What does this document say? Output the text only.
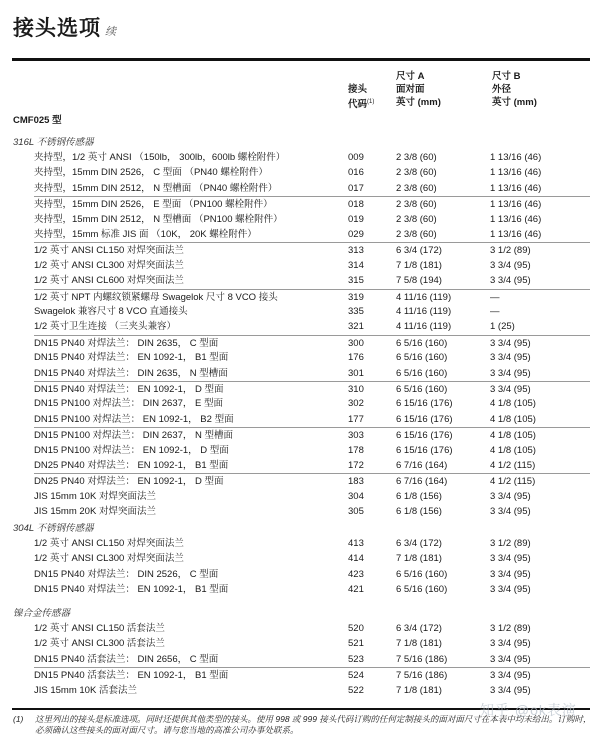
接头选项 续
接头
代码$^{(1)}$
尺寸 A
面对面
英寸 (mm)
尺寸 B
外径
英寸 (mm)
CMF025 型
316L 不锈钢传感器
夹持型，1/2 英寸 ANSI （150lb， 300lb，600lb 螺栓附件）	009	2 3/8 (60)	1 13/16 (46)
夹持型，15mm DIN 2526， C 型面 （PN40 螺栓附件）	016	2 3/8 (60)	1 13/16 (46)
夹持型，15mm DIN 2512， N 型槽面 （PN40 螺栓附件）	017	2 3/8 (60)	1 13/16 (46)
夹持型，15mm DIN 2526， E 型面 （PN100 螺栓附件）	018	2 3/8 (60)	1 13/16 (46)
夹持型，15mm DIN 2512， N 型槽面 （PN100 螺栓附件）	019	2 3/8 (60)	1 13/16 (46)
夹持型，15mm 标准 JIS 面 （10K， 20K 螺栓附件）	029	2 3/8 (60)	1 13/16 (46)
1/2 英寸 ANSI CL150 对焊突面法兰	313	6 3/4 (172)	3 1/2 (89)
1/2 英寸 ANSI CL300 对焊突面法兰	314	7 1/8 (181)	3 3/4 (95)
1/2 英寸 ANSI CL600 对焊突面法兰	315	7 5/8 (194)	3 3/4 (95)
1/2 英寸 NPT 内螺纹锁紧螺母 Swagelok 尺寸 8 VCO 接头	319	4 11/16 (119)	—
Swagelok 兼容尺寸 8 VCO 直通接头	335	4 11/16 (119)	—
1/2 英寸卫生连接 （三夹头兼容）	321	4 11/16 (119)	1 (25)
DN15 PN40 对焊法兰： DIN 2635， C 型面	300	6 5/16 (160)	3 3/4 (95)
DN15 PN40 对焊法兰： EN 1092-1， B1 型面	176	6 5/16 (160)	3 3/4 (95)
DN15 PN40 对焊法兰： DIN 2635， N 型槽面	301	6 5/16 (160)	3 3/4 (95)
DN15 PN40 对焊法兰： EN 1092-1， D 型面	310	6 5/16 (160)	3 3/4 (95)
DN15 PN100 对焊法兰： DIN 2637， E 型面	302	6 15/16 (176)	4 1/8 (105)
DN15 PN100 对焊法兰： EN 1092-1， B2 型面	177	6 15/16 (176)	4 1/8 (105)
DN15 PN100 对焊法兰： DIN 2637， N 型槽面	303	6 15/16 (176)	4 1/8 (105)
DN15 PN100 对焊法兰： EN 1092-1， D 型面	178	6 15/16 (176)	4 1/8 (105)
DN25 PN40 对焊法兰： EN 1092-1， B1 型面	172	6 7/16 (164)	4 1/2 (115)
DN25 PN40 对焊法兰： EN 1092-1， D 型面	183	6 7/16 (164)	4 1/2 (115)
JIS 15mm 10K 对焊突面法兰	304	6 1/8 (156)	3 3/4 (95)
JIS 15mm 20K 对焊突面法兰	305	6 1/8 (156)	3 3/4 (95)
304L 不锈钢传感器
1/2 英寸 ANSI CL150 对焊突面法兰	413	6 3/4 (172)	3 1/2 (89)
1/2 英寸 ANSI CL300 对焊突面法兰	414	7 1/8 (181)	3 3/4 (95)
DN15 PN40 对焊法兰： DIN 2526， C 型面	423	6 5/16 (160)	3 3/4 (95)
DN15 PN40 对焊法兰： EN 1092-1， B1 型面	421	6 5/16 (160)	3 3/4 (95)
镍合金传感器
1/2 英寸 ANSI CL150 活套法兰	520	6 3/4 (172)	3 1/2 (89)
1/2 英寸 ANSI CL300 活套法兰	521	7 1/8 (181)	3 3/4 (95)
DN15 PN40 活套法兰： DIN 2656， C 型面	523	7 5/16 (186)	3 3/4 (95)
DN15 PN40 活套法兰： EN 1092-1， B1 型面	524	7 5/16 (186)	3 3/4 (95)
JIS 15mm 10K 活套法兰	522	7 1/8 (181)	3 3/4 (95)
(1) 这里列出的接头是标准选项。同时还提供其他类型的接头。使用 998 或 999 接头代码订购的任何定制接头的面对面尺寸在本表中均未给出。订购时，必须确认这些接头的面对面尺寸。请与您当地的高准公司办事处联系。
知乎 @ok表演
